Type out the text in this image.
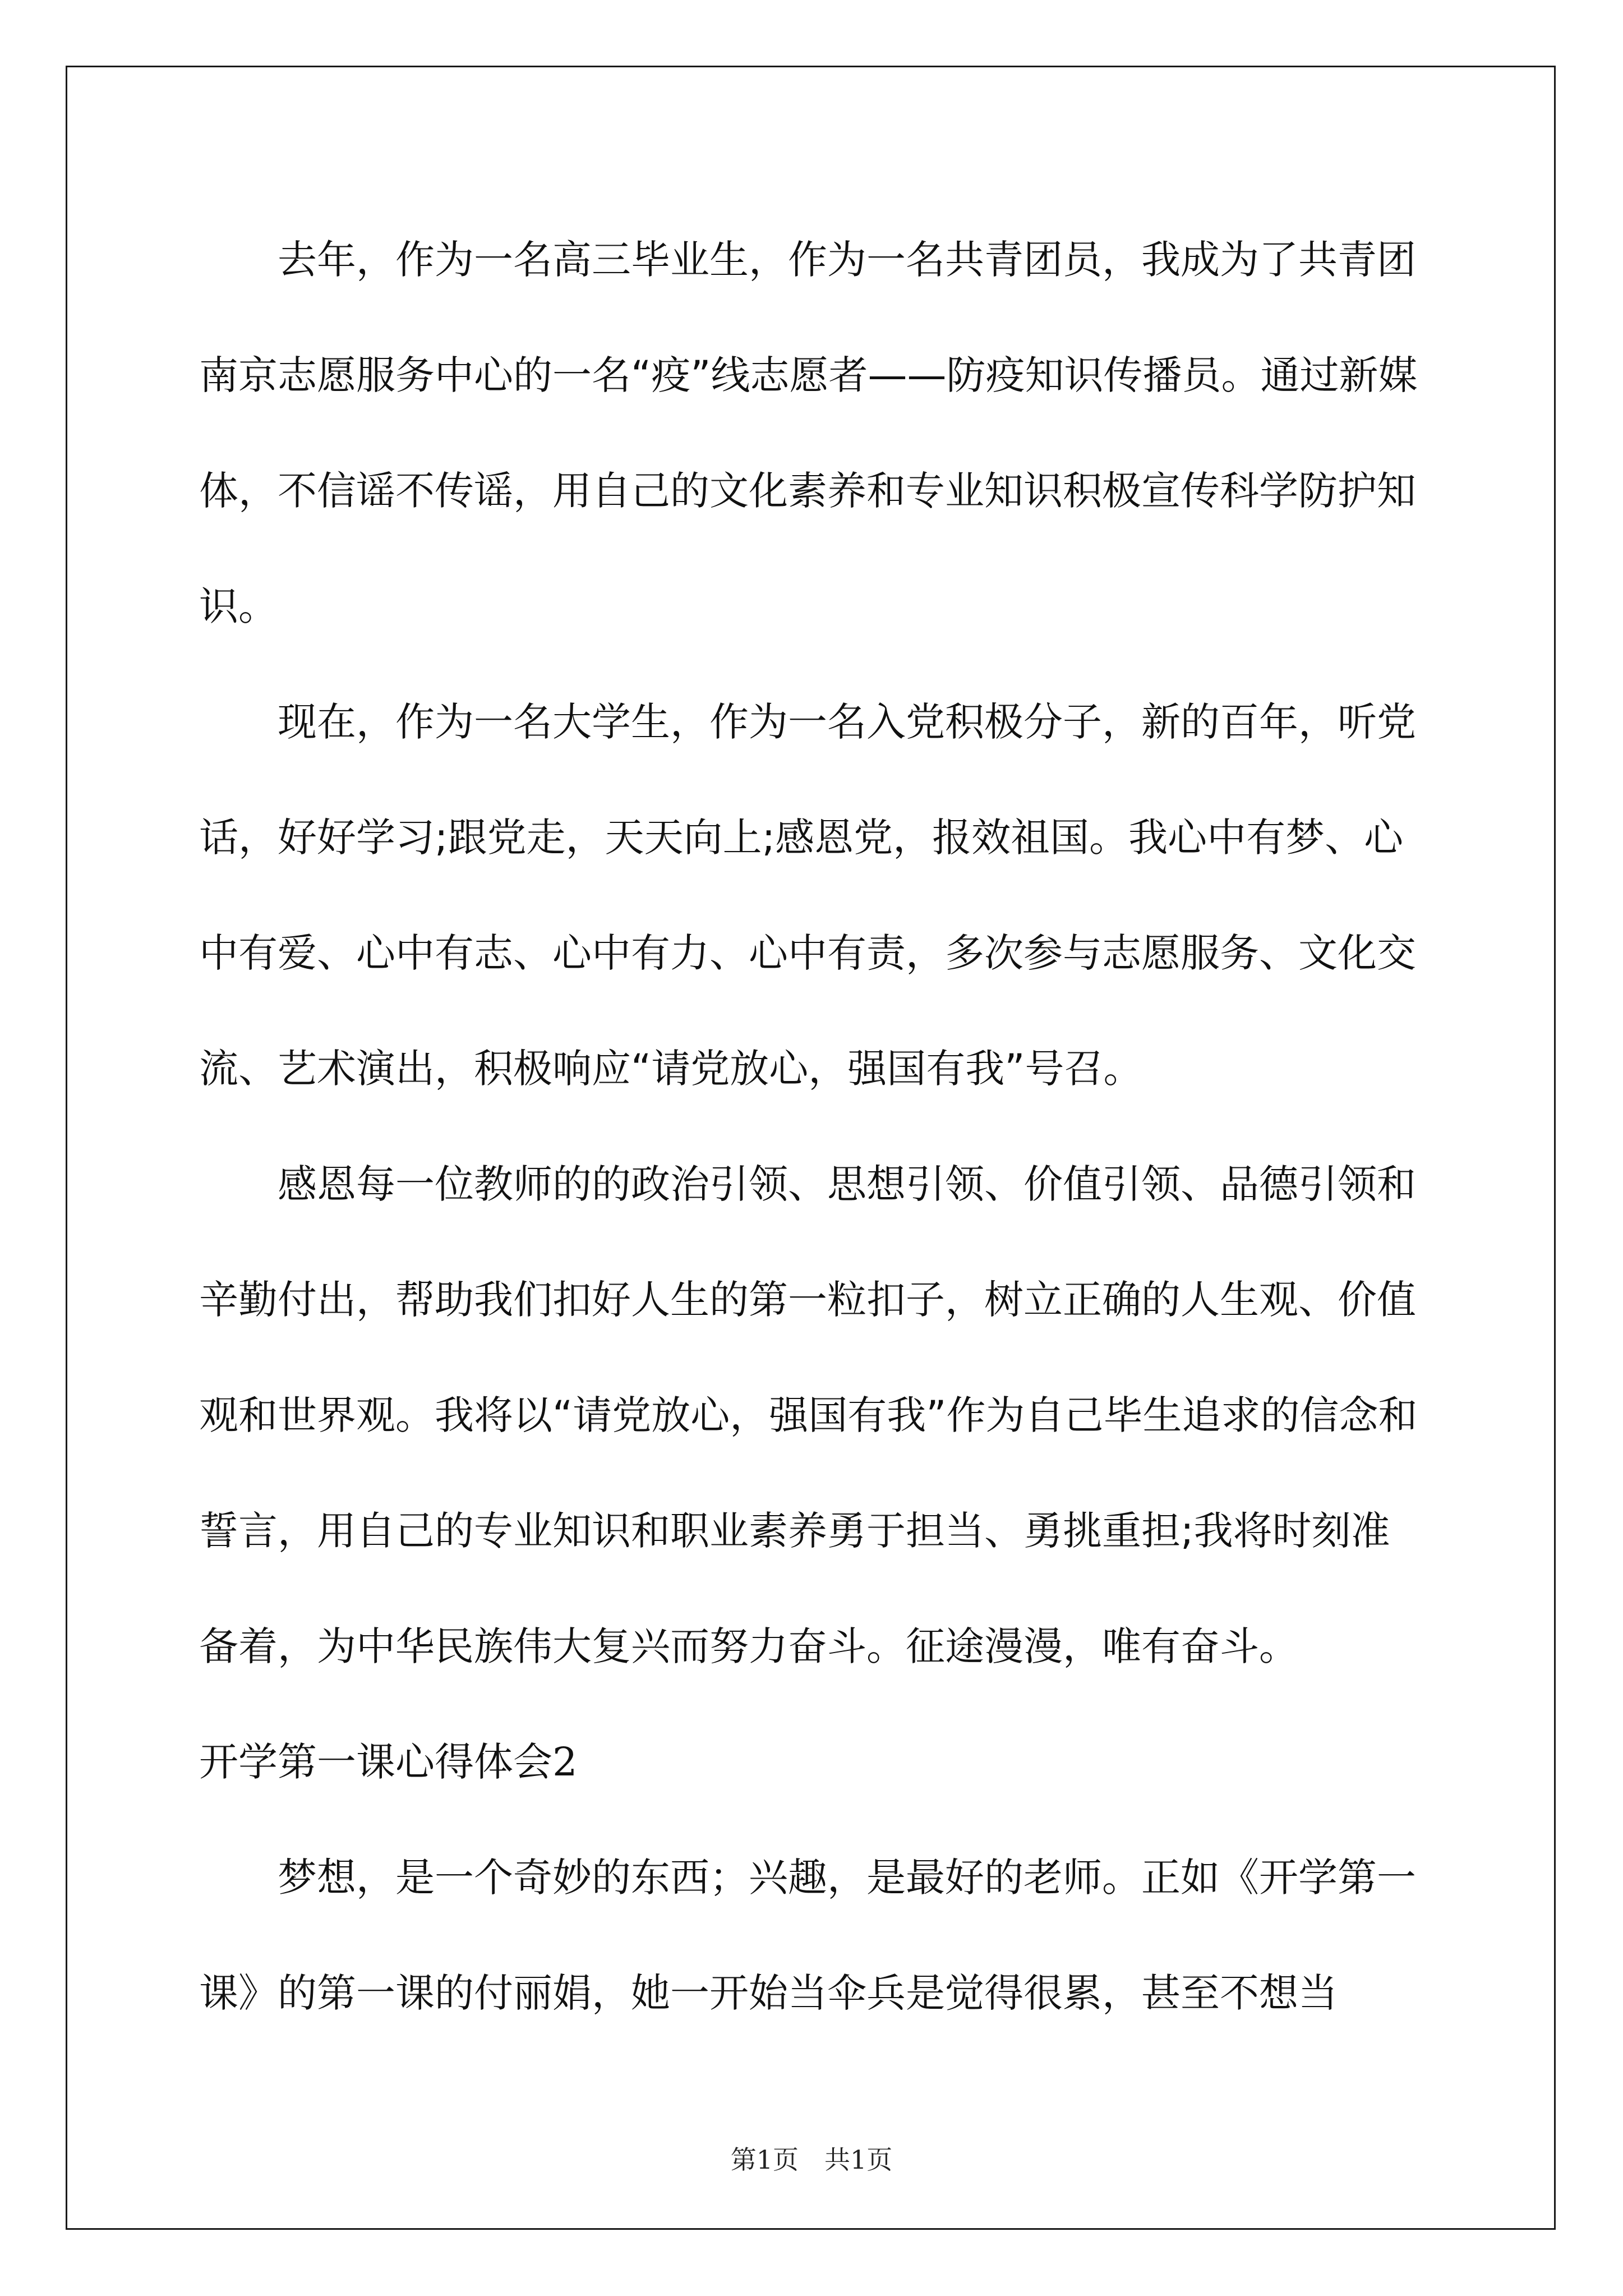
去年，作为一名高三毕业生，作为一名共青团员，我成为了共青团南京志愿服务中心的一名“疫”线志愿者——防疫知识传播员。通过新媒体，不信谣不传谣，用自己的文化素养和专业知识积极宣传科学防护知识。

现在，作为一名大学生，作为一名入党积极分子，新的百年，听党话，好好学习;跟党走，天天向上;感恩党，报效祖国。我心中有梦、心中有爱、心中有志、心中有力、心中有责，多次参与志愿服务、文化交流、艺术演出，积极响应“请党放心，强国有我”号召。

感恩每一位教师的的政治引领、思想引领、价值引领、品德引领和辛勤付出，帮助我们扣好人生的第一粒扣子，树立正确的人生观、价值观和世界观。我将以“请党放心，强国有我”作为自己毕生追求的信念和誓言，用自己的专业知识和职业素养勇于担当、勇挑重担;我将时刻准备着，为中华民族伟大复兴而努力奋斗。征途漫漫，唯有奋斗。

开学第一课心得体会2

梦想，是一个奇妙的东西；兴趣，是最好的老师。正如《开学第一课》的第一课的付丽娟，她一开始当伞兵是觉得很累，甚至不想当

第1页 共1页
